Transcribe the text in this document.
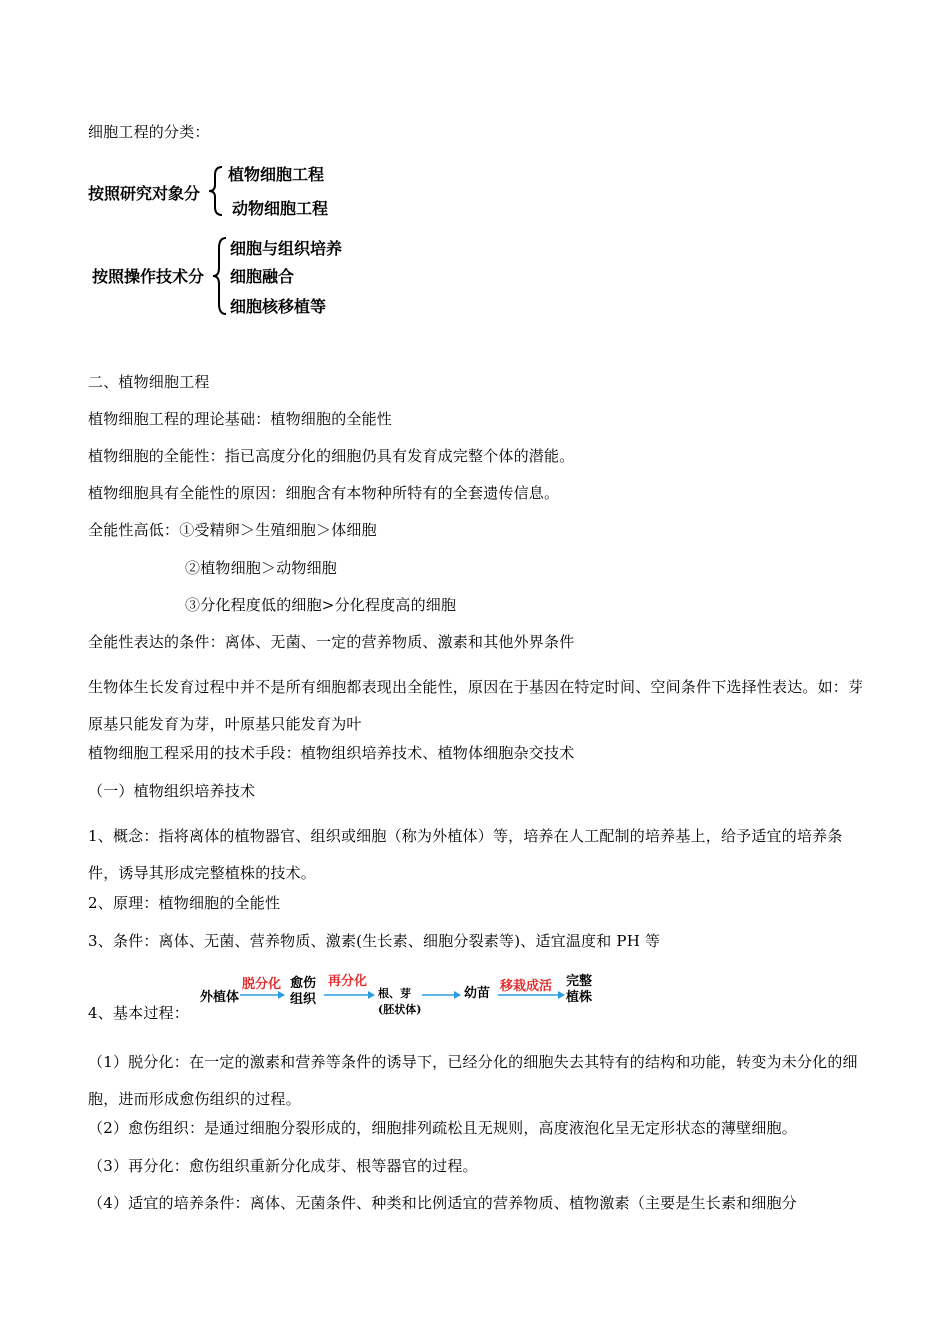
细胞工程的分类：
按照研究对象分
植物细胞工程
动物细胞工程
按照操作技术分
细胞与组织培养
细胞融合
细胞核移植等
二、植物细胞工程
植物细胞工程的理论基础：植物细胞的全能性
植物细胞的全能性：指已高度分化的细胞仍具有发育成完整个体的潜能。
植物细胞具有全能性的原因：细胞含有本物种所特有的全套遗传信息。
全能性高低：①受精卵＞生殖细胞＞体细胞
②植物细胞＞动物细胞
③分化程度低的细胞>分化程度高的细胞
全能性表达的条件：离体、无菌、一定的营养物质、激素和其他外界条件
生物体生长发育过程中并不是所有细胞都表现出全能性，原因在于基因在特定时间、空间条件下选择性表达。如：芽原基只能发育为芽，叶原基只能发育为叶
植物细胞工程采用的技术手段：植物组织培养技术、植物体细胞杂交技术
（一）植物组织培养技术
1、概念：指将离体的植物器官、组织或细胞（称为外植体）等，培养在人工配制的培养基上，给予适宜的培养条件，诱导其形成完整植株的技术。
2、原理：植物细胞的全能性
3、条件：离体、无菌、营养物质、激素(生长素、细胞分裂素等)、适宜温度和 PH 等
4、基本过程：
外植体
脱分化 愈伤
组织
再分化
根、芽
(胚状体)
幼苗 移栽成活 完整
植株
（1）脱分化：在一定的激素和营养等条件的诱导下，已经分化的细胞失去其特有的结构和功能，转变为未分化的细胞，进而形成愈伤组织的过程。
（2）愈伤组织：是通过细胞分裂形成的，细胞排列疏松且无规则，高度液泡化呈无定形状态的薄壁细胞。
（3）再分化：愈伤组织重新分化成芽、根等器官的过程。
（4）适宜的培养条件：离体、无菌条件、种类和比例适宜的营养物质、植物激素（主要是生长素和细胞分
